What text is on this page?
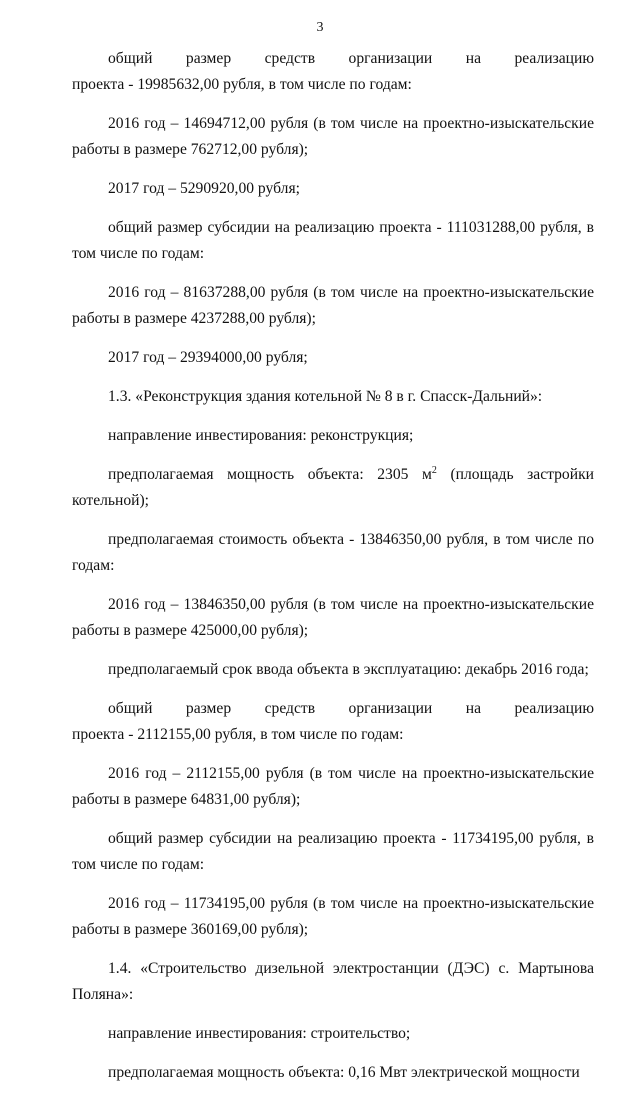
3

общий размер средств организации на реализацию
проекта - 19985632,00 рубля, в том числе по годам:

2016 год – 14694712,00 рубля (в том числе на проектно-изыскательские работы в размере 762712,00 рубля);

2017 год – 5290920,00 рубля;

общий размер субсидии на реализацию проекта - 111031288,00 рубля, в том числе по годам:

2016 год – 81637288,00 рубля (в том числе на проектно-изыскательские работы в размере 4237288,00 рубля);

2017 год – 29394000,00 рубля;

1.3. «Реконструкция здания котельной № 8 в г. Спасск-Дальний»:

направление инвестирования: реконструкция;

предполагаемая мощность объекта: 2305 $м^2$ (площадь застройки котельной);

предполагаемая стоимость объекта - 13846350,00 рубля, в том числе по годам:

2016 год – 13846350,00 рубля (в том числе на проектно-изыскательские работы в размере 425000,00 рубля);

предполагаемый срок ввода объекта в эксплуатацию: декабрь 2016 года;

общий размер средств организации на реализацию
проекта - 2112155,00 рубля, в том числе по годам:

2016 год – 2112155,00 рубля (в том числе на проектно-изыскательские работы в размере 64831,00 рубля);

общий размер субсидии на реализацию проекта - 11734195,00 рубля, в том числе по годам:

2016 год – 11734195,00 рубля (в том числе на проектно-изыскательские работы в размере 360169,00 рубля);

1.4. «Строительство дизельной электростанции (ДЭС) с. Мартынова Поляна»:

направление инвестирования: строительство;

предполагаемая мощность объекта: 0,16 Мвт электрической мощности
